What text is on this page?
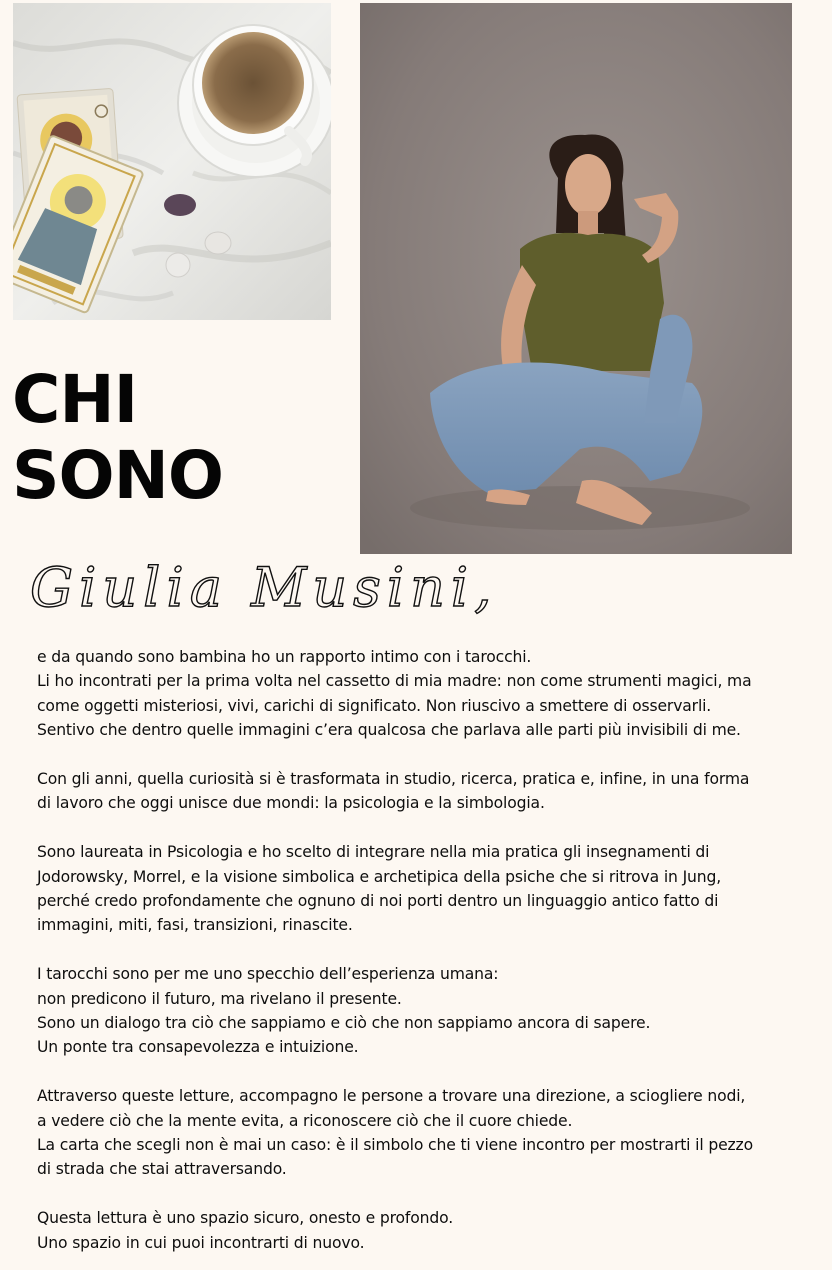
CHI
SONO
Giulia Musini,

e da quando sono bambina ho un rapporto intimo con i tarocchi.
Li ho incontrati per la prima volta nel cassetto di mia madre: non come strumenti magici, ma
come oggetti misteriosi, vivi, carichi di significato. Non riuscivo a smettere di osservarli.
Sentivo che dentro quelle immagini c’era qualcosa che parlava alle parti più invisibili di me.

Con gli anni, quella curiosità si è trasformata in studio, ricerca, pratica e, infine, in una forma
di lavoro che oggi unisce due mondi: la psicologia e la simbologia.

Sono laureata in Psicologia e ho scelto di integrare nella mia pratica gli insegnamenti di
Jodorowsky, Morrel, e la visione simbolica e archetipica della psiche che si ritrova in Jung,
perché credo profondamente che ognuno di noi porti dentro un linguaggio antico fatto di
immagini, miti, fasi, transizioni, rinascite.

I tarocchi sono per me uno specchio dell’esperienza umana:
non predicono il futuro, ma rivelano il presente.
Sono un dialogo tra ciò che sappiamo e ciò che non sappiamo ancora di sapere.
Un ponte tra consapevolezza e intuizione.

Attraverso queste letture, accompagno le persone a trovare una direzione, a sciogliere nodi,
a vedere ciò che la mente evita, a riconoscere ciò che il cuore chiede.
La carta che scegli non è mai un caso: è il simbolo che ti viene incontro per mostrarti il pezzo
di strada che stai attraversando.

Questa lettura è uno spazio sicuro, onesto e profondo.
Uno spazio in cui puoi incontrarti di nuovo.
